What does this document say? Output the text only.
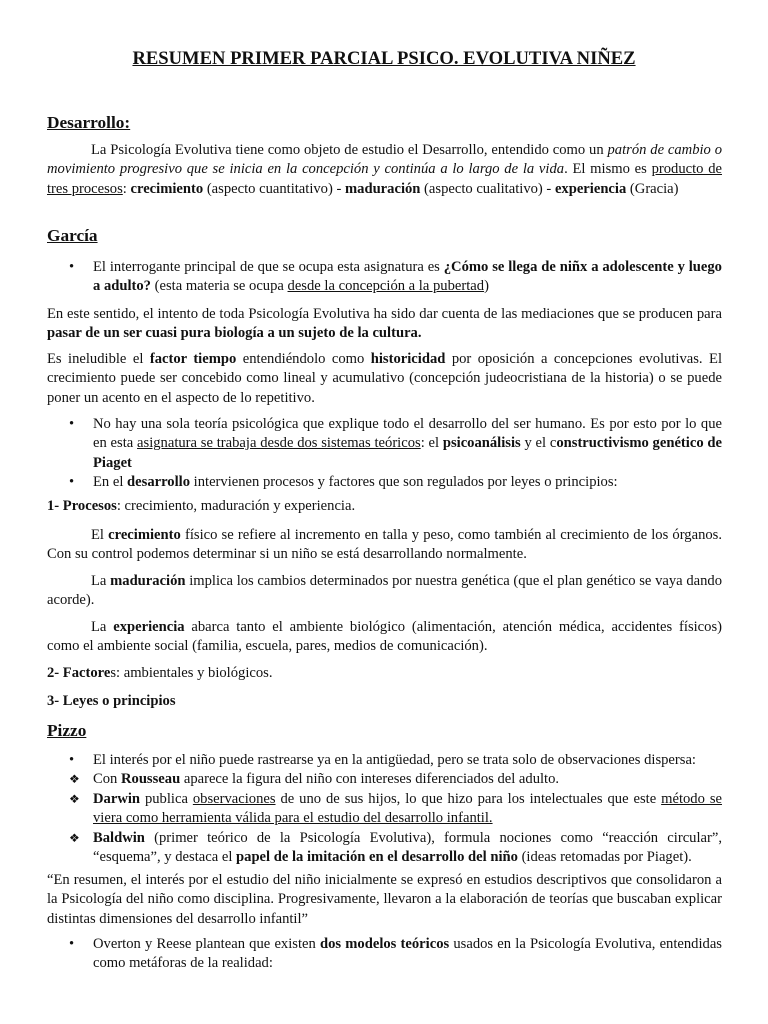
RESUMEN PRIMER PARCIAL PSICO. EVOLUTIVA NIÑEZ
Desarrollo:

La Psicología Evolutiva tiene como objeto de estudio el Desarrollo, entendido como un patrón de cambio o movimiento progresivo que se inicia en la concepción y continúa a lo largo de la vida. El mismo es producto de tres procesos: crecimiento (aspecto cuantitativo) - maduración (aspecto cualitativo) - experiencia (Gracia)

García
• El interrogante principal de que se ocupa esta asignatura es ¿Cómo se llega de niñx a adolescente y luego a adulto? (esta materia se ocupa desde la concepción a la pubertad)

En este sentido, el intento de toda Psicología Evolutiva ha sido dar cuenta de las mediaciones que se producen para pasar de un ser cuasi pura biología a un sujeto de la cultura.

Es ineludible el factor tiempo entendiéndolo como historicidad por oposición a concepciones evolutivas. El crecimiento puede ser concebido como lineal y acumulativo (concepción judeocristiana de la historia) o se puede poner un acento en el aspecto de lo repetitivo.

• No hay una sola teoría psicológica que explique todo el desarrollo del ser humano. Es por esto por lo que en esta asignatura se trabaja desde dos sistemas teóricos: el psicoanálisis y el constructivismo genético de Piaget
• En el desarrollo intervienen procesos y factores que son regulados por leyes o principios:

1- Procesos: crecimiento, maduración y experiencia.

El crecimiento físico se refiere al incremento en talla y peso, como también al crecimiento de los órganos. Con su control podemos determinar si un niño se está desarrollando normalmente.

La maduración implica los cambios determinados por nuestra genética (que el plan genético se vaya dando acorde).

La experiencia abarca tanto el ambiente biológico (alimentación, atención médica, accidentes físicos) como el ambiente social (familia, escuela, pares, medios de comunicación).

2- Factores: ambientales y biológicos.

3- Leyes o principios

Pizzo
• El interés por el niño puede rastrearse ya en la antigüedad, pero se trata solo de observaciones dispersa:
❖ Con Rousseau aparece la figura del niño con intereses diferenciados del adulto.
❖ Darwin publica observaciones de uno de sus hijos, lo que hizo para los intelectuales que este método se viera como herramienta válida para el estudio del desarrollo infantil.
❖ Baldwin (primer teórico de la Psicología Evolutiva), formula nociones como “reacción circular”, “esquema”, y destaca el papel de la imitación en el desarrollo del niño (ideas retomadas por Piaget).

“En resumen, el interés por el estudio del niño inicialmente se expresó en estudios descriptivos que consolidaron a la Psicología del niño como disciplina. Progresivamente, llevaron a la elaboración de teorías que buscaban explicar distintas dimensiones del desarrollo infantil”

• Overton y Reese plantean que existen dos modelos teóricos usados en la Psicología Evolutiva, entendidas como metáforas de la realidad:
